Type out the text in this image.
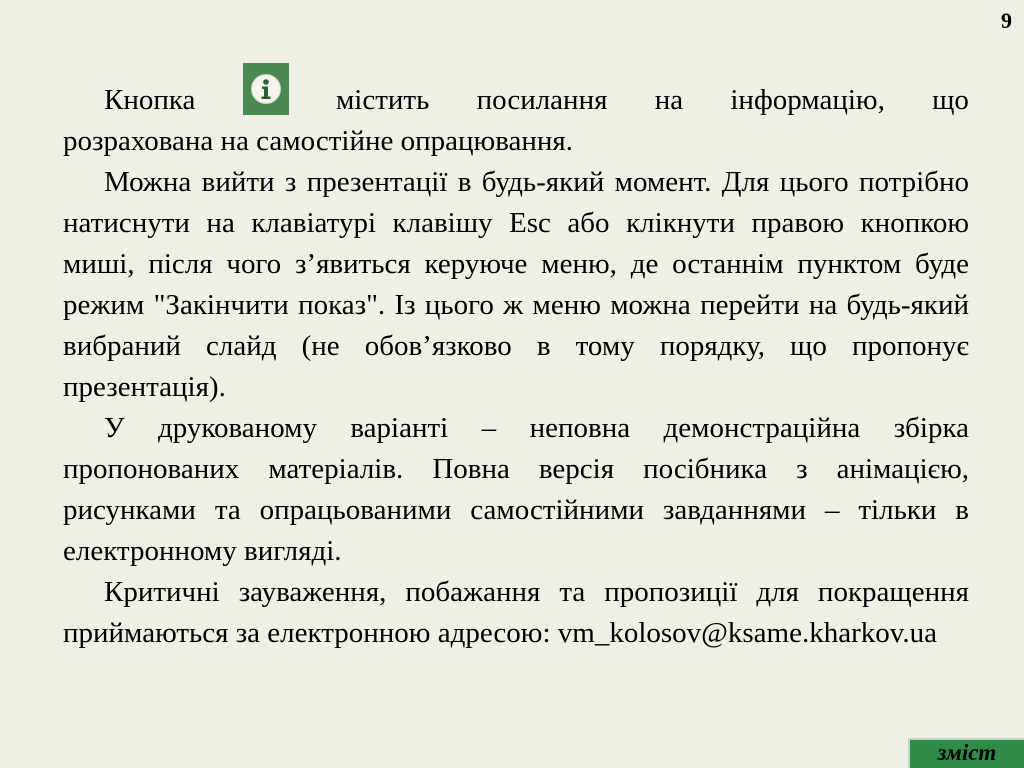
9
Кнопка	містить посилання на інформацію, що
розрахована на самостійне опрацювання.

Можна вийти з презентації в будь-який момент. Для цього потрібно натиснути на клавіатурі клавішу Esc або клікнути правою кнопкою миші, після чого з’явиться керуюче меню, де останнім пунктом буде режим "Закінчити показ". Із цього ж меню можна перейти на будь-який вибраний слайд (не обов’язково в тому порядку, що пропонує презентація).

У друкованому варіанті – неповна демонстраційна збірка пропонованих матеріалів. Повна версія посібника з анімацією, рисунками та опрацьованими самостійними завданнями – тільки в електронному вигляді.

Критичні зауваження, побажання та пропозиції для покращення приймаються за електронною адресою: vm_kolosov@ksame.kharkov.ua

зміст
